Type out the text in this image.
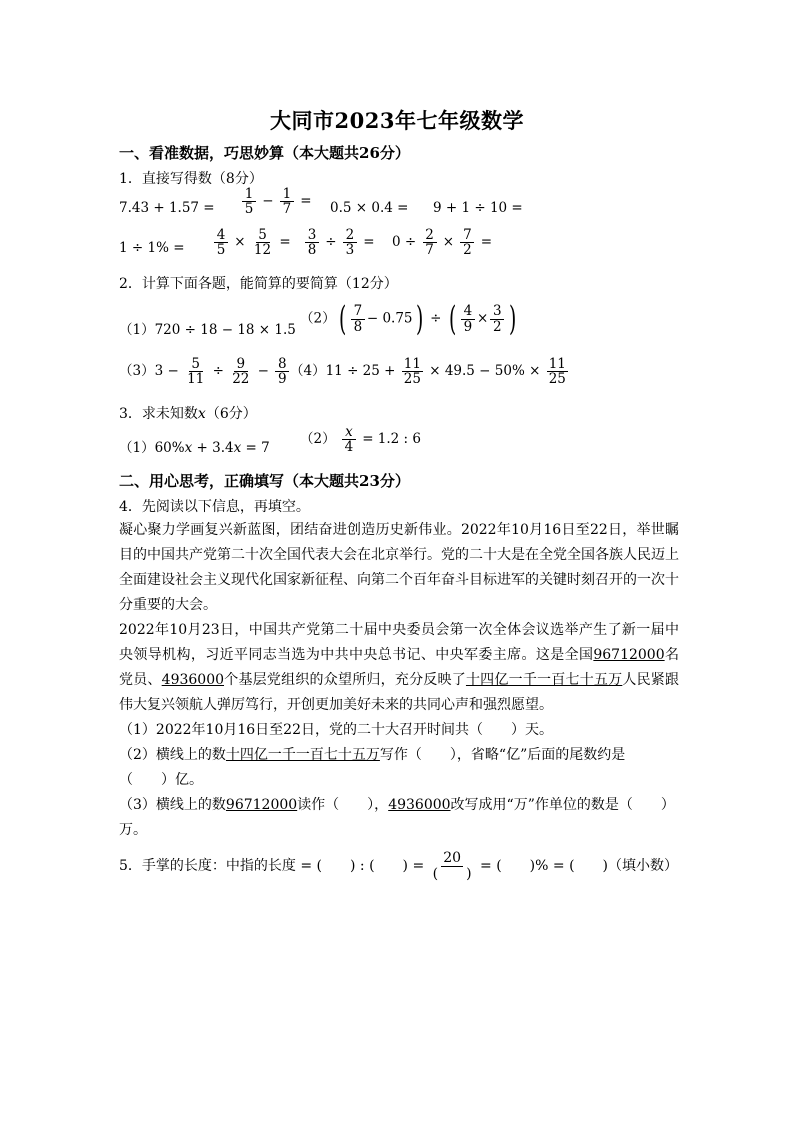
大同市2023年七年级数学
一、看准数据，巧思妙算（本大题共26分）
1．直接写得数（8分）
$7.43 + 1.57 = \frac{1}{5} - \frac{1}{7} = 0.5 \times 0.4 = 9 + 1 \div 10$ =
$1 \div 1\% = \frac{4}{5} \times \frac{5}{12} = \frac{3}{8} \div \frac{2}{3} = 0 \div \frac{2}{7} \times \frac{7}{2}$ =
2．计算下面各题，能简算的要简算（12分）
（1）720 ÷ 18 − 18 × 1.5
$(2)( \frac{7}{8} - 0.75)$ ÷ ( $\frac{4}{9} \times \frac{3}{2}$ )
$(3)3 - \frac{5}{11} \div \frac{9}{22} - \frac{8}{9} (4)11 \div 25 + \frac{11}{25} \times 49.5 - 50\% \times \frac{11}{25}$
3．求未知数x（6分）
（1）60%x + 3.4x = 7
$(2) \frac{x}{4} = 1.2$ : 6
二、用心思考，正确填写（本大题共23分）
4．先阅读以下信息，再填空。
凝心聚力学画复兴新蓝图，团结奋进创造历史新伟业。2022年10月16日至22日，举世瞩目的中国共产党第二十次全国代表大会在北京举行。党的二十大是在全党全国各族人民迈上全面建设社会主义现代化国家新征程、向第二个百年奋斗目标进军的关键时刻召开的一次十分重要的大会。
2022年10月23日，中国共产党第二十届中央委员会第一次全体会议选举产生了新一届中央领导机构，习近平同志当选为中共中央总书记、中央军委主席。这是全国96712000名党员、4936000个基层党组织的众望所归，充分反映了十四亿一千一百七十五万人民紧跟伟大复兴领航人弹厉笃行，开创更加美好未来的共同心声和强烈愿望。
（1）2022年10月16日至22日，党的二十大召开时间共（　　）天。
（2）横线上的数十四亿一千一百七十五万写作（　　），省略“亿”后面的尾数约是
（　　）亿。
（3）横线上的数96712000读作（　　），4936000改写成用“万”作单位的数是（　　）
万。
5．手掌的长度：中指的长度 = (　　) : (　　) = $\frac{20}{( )}$ = (　　)% = (　　)（填小数）
